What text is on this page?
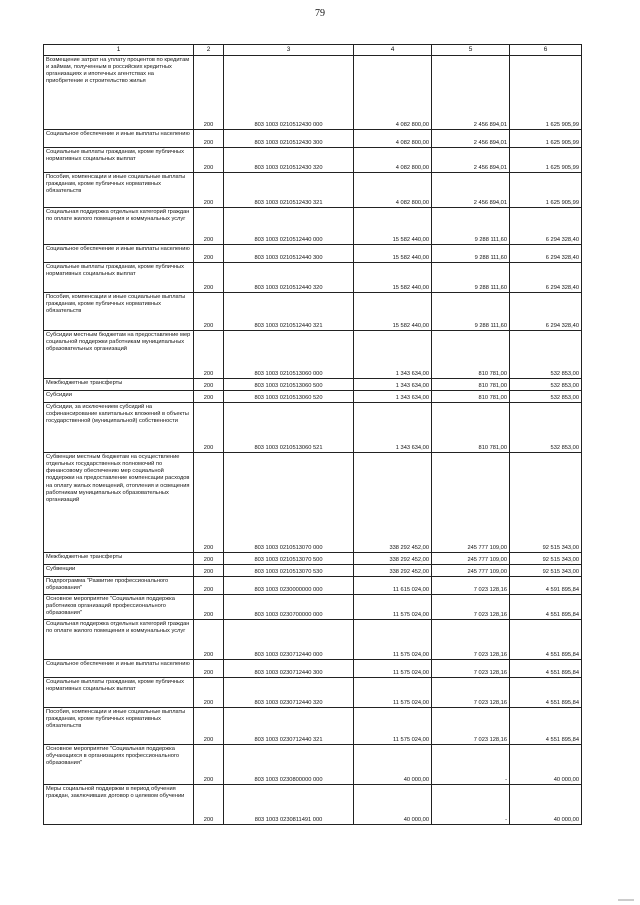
79
1	2	3	4	5	6
Возмещение затрат на уплату процентов по кредитам и займам, полученным в российских кредитных организациях и ипотечных агентствах на приобретение и строительство жилья	200	803 1003 0210512430 000	4 082 800,00	2 456 894,01	1 625 905,99
Социальное обеспечение и иные выплаты населению	200	803 1003 0210512430 300	4 082 800,00	2 456 894,01	1 625 905,99
Социальные выплаты гражданам, кроме публичных нормативных социальных выплат	200	803 1003 0210512430 320	4 082 800,00	2 456 894,01	1 625 905,99
Пособия, компенсации и иные социальные выплаты гражданам, кроме публичных нормативных обязательств	200	803 1003 0210512430 321	4 082 800,00	2 456 894,01	1 625 905,99
Социальная поддержка отдельных категорий граждан по оплате жилого помещения и коммунальных услуг	200	803 1003 0210512440 000	15 582 440,00	9 288 111,60	6 294 328,40
Социальное обеспечение и иные выплаты населению	200	803 1003 0210512440 300	15 582 440,00	9 288 111,60	6 294 328,40
Социальные выплаты гражданам, кроме публичных нормативных социальных выплат	200	803 1003 0210512440 320	15 582 440,00	9 288 111,60	6 294 328,40
Пособия, компенсации и иные социальные выплаты гражданам, кроме публичных нормативных обязательств	200	803 1003 0210512440 321	15 582 440,00	9 288 111,60	6 294 328,40
Субсидии местным бюджетам на предоставление мер социальной поддержки работникам муниципальных образовательных организаций	200	803 1003 0210513060 000	1 343 634,00	810 781,00	532 853,00
Межбюджетные трансферты	200	803 1003 0210513060 500	1 343 634,00	810 781,00	532 853,00
Субсидии	200	803 1003 0210513060 520	1 343 634,00	810 781,00	532 853,00
Субсидии, за исключением субсидий на софинансирование капитальных вложений в объекты государственной (муниципальной) собственности	200	803 1003 0210513060 521	1 343 634,00	810 781,00	532 853,00
Субвенции местным бюджетам на осуществление отдельных государственных полномочий по финансовому обеспечению мер социальной поддержки на предоставление компенсации расходов на оплату жилых помещений, отопления и освещения работникам муниципальных образовательных организаций	200	803 1003 0210513070 000	338 292 452,00	245 777 109,00	92 515 343,00
Межбюджетные трансферты	200	803 1003 0210513070 500	338 292 452,00	245 777 109,00	92 515 343,00
Субвенции	200	803 1003 0210513070 530	338 292 452,00	245 777 109,00	92 515 343,00
Подпрограмма "Развитие профессионального образования"	200	803 1003 0230000000 000	11 615 024,00	7 023 128,16	4 591 895,84
Основное мероприятие "Социальная поддержка работников организаций профессионального образования"	200	803 1003 0230700000 000	11 575 024,00	7 023 128,16	4 551 895,84
Социальная поддержка отдельных категорий граждан по оплате жилого помещения и коммунальных услуг	200	803 1003 0230712440 000	11 575 024,00	7 023 128,16	4 551 895,84
Социальное обеспечение и иные выплаты населению	200	803 1003 0230712440 300	11 575 024,00	7 023 128,16	4 551 895,84
Социальные выплаты гражданам, кроме публичных нормативных социальных выплат	200	803 1003 0230712440 320	11 575 024,00	7 023 128,16	4 551 895,84
Пособия, компенсации и иные социальные выплаты гражданам, кроме публичных нормативных обязательств	200	803 1003 0230712440 321	11 575 024,00	7 023 128,16	4 551 895,84
Основное мероприятие "Социальная поддержка обучающихся в организациях профессионального образования"	200	803 1003 0230800000 000	40 000,00	-	40 000,00
Меры социальной поддержки в период обучения граждан, заключивших договор о целевом обучении	200	803 1003 0230811491 000	40 000,00	-	40 000,00
